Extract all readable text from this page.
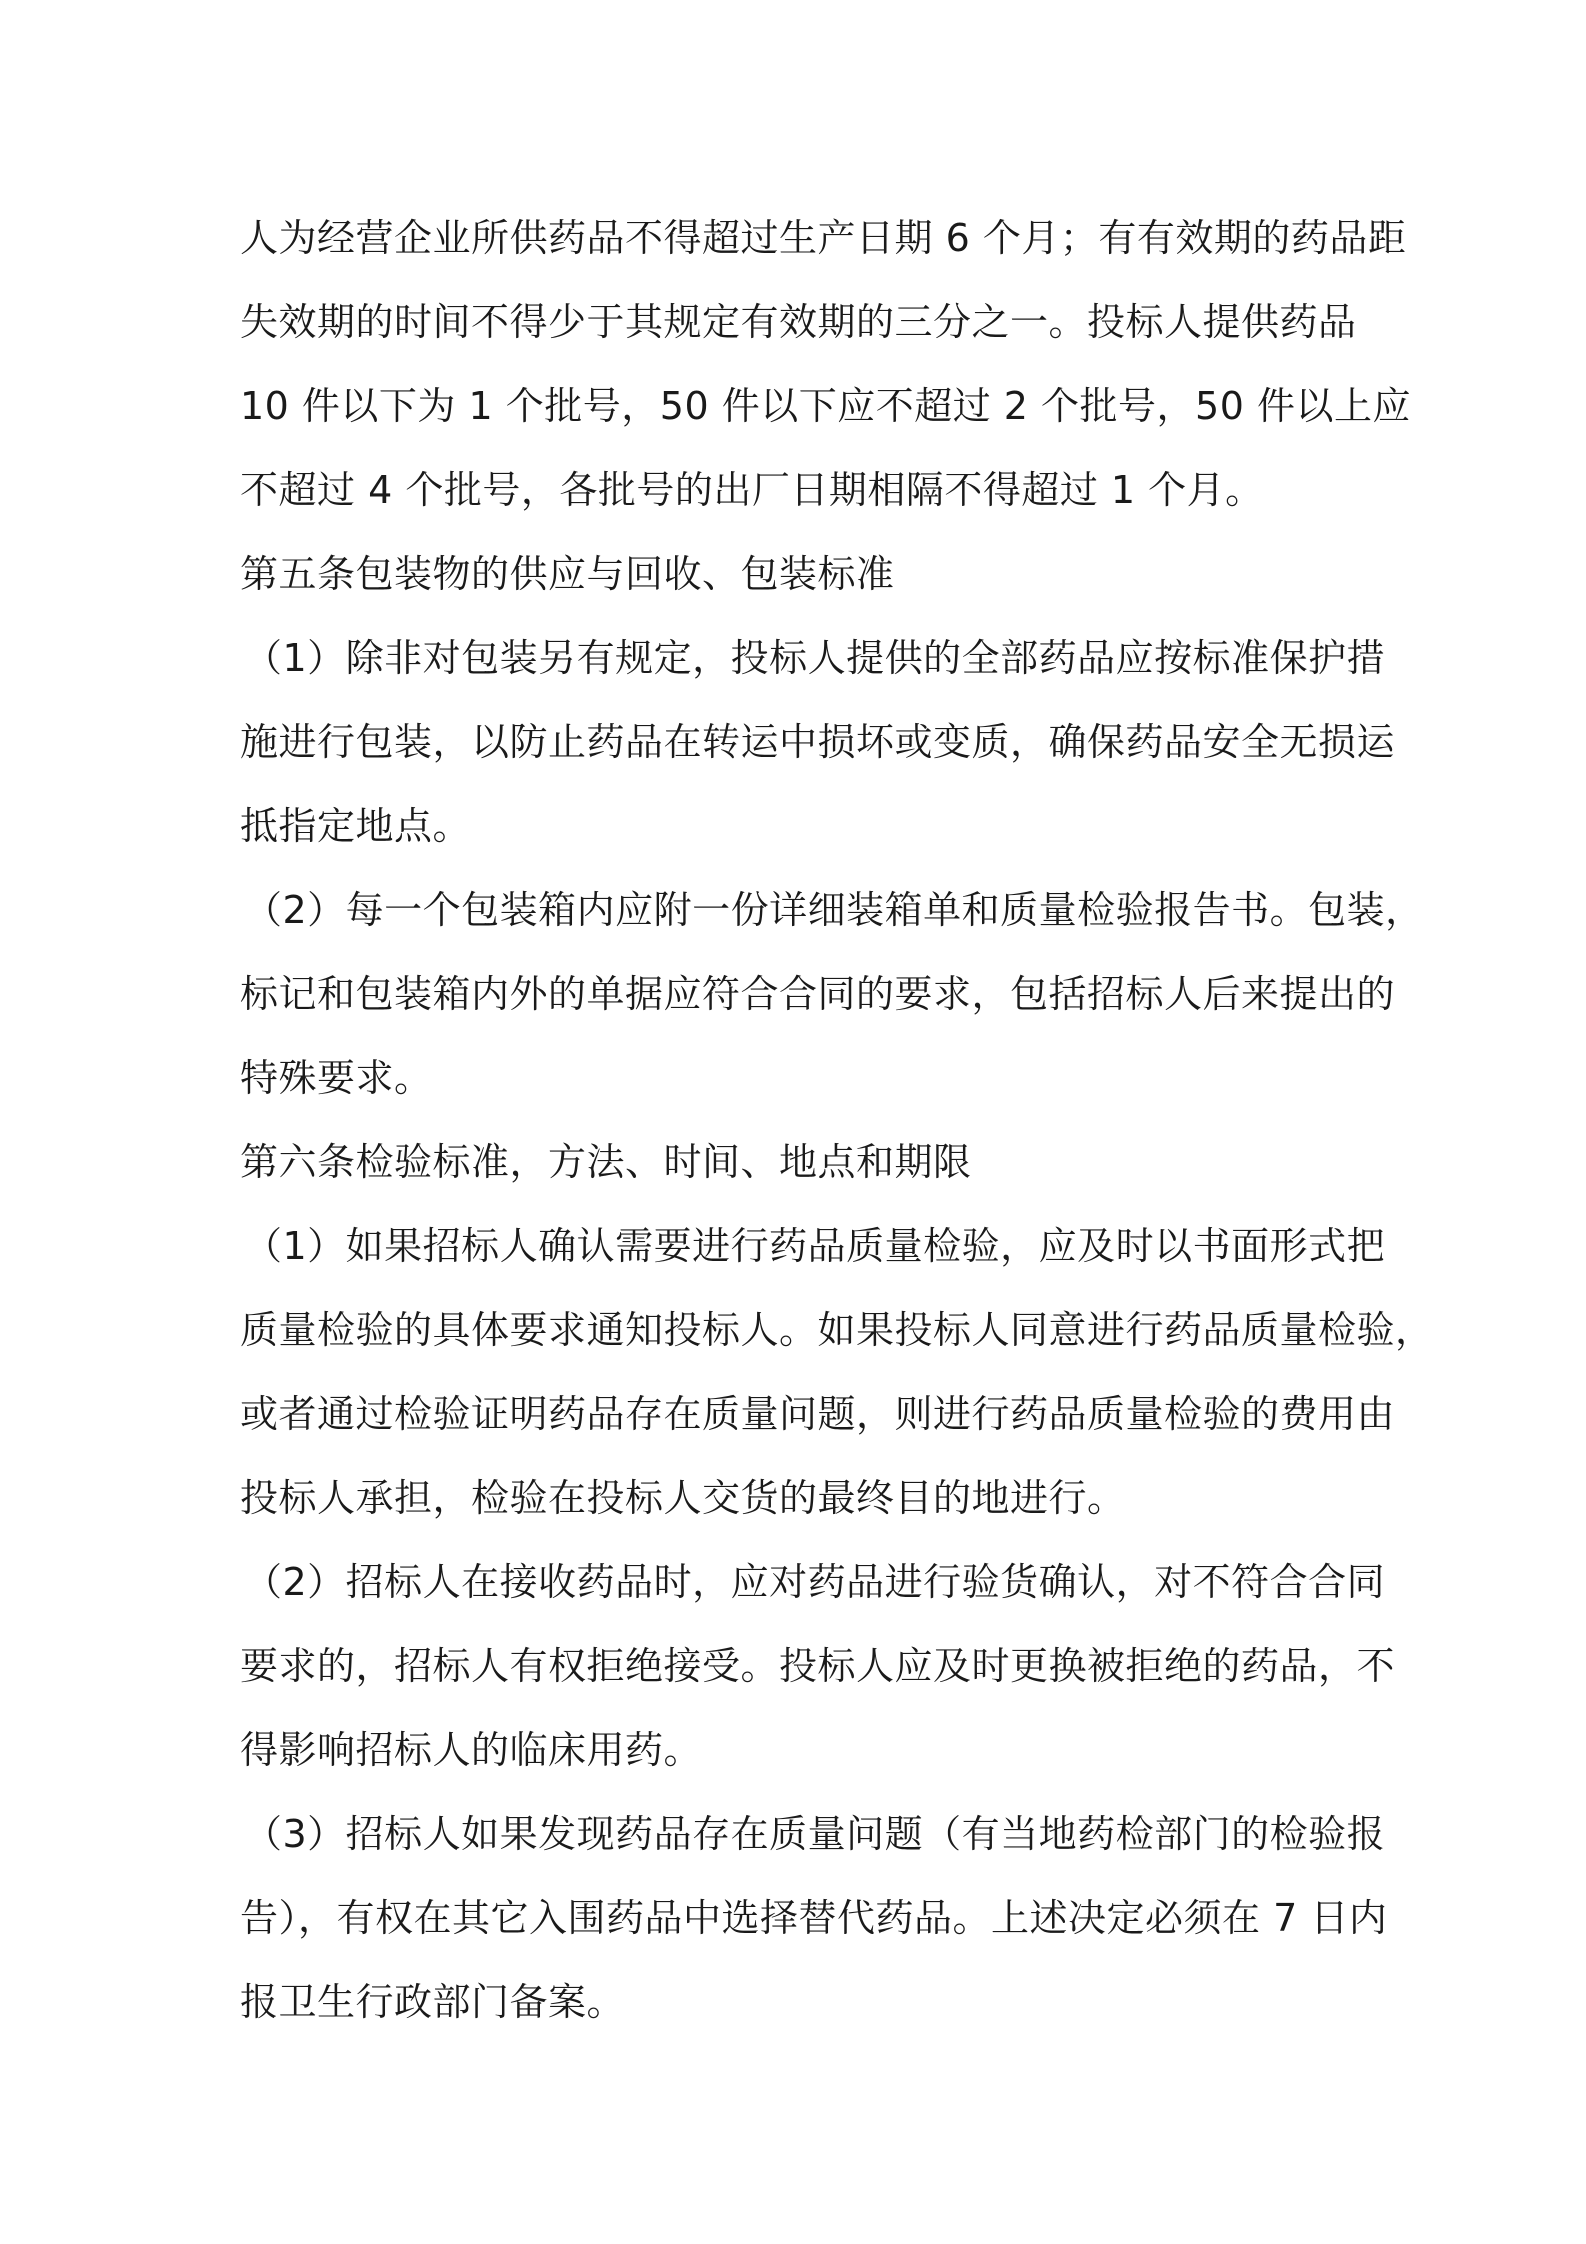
人为经营企业所供药品不得超过生产日期 6 个月；有有效期的药品距
失效期的时间不得少于其规定有效期的三分之一。投标人提供药品
10 件以下为 1 个批号，50 件以下应不超过 2 个批号，50 件以上应
不超过 4 个批号，各批号的出厂日期相隔不得超过 1 个月。
第五条包装物的供应与回收、包装标准
（1）除非对包装另有规定，投标人提供的全部药品应按标准保护措
施进行包装，以防止药品在转运中损坏或变质，确保药品安全无损运
抵指定地点。
（2）每一个包装箱内应附一份详细装箱单和质量检验报告书。包装，
标记和包装箱内外的单据应符合合同的要求，包括招标人后来提出的
特殊要求。
第六条检验标准，方法、时间、地点和期限
（1）如果招标人确认需要进行药品质量检验，应及时以书面形式把
质量检验的具体要求通知投标人。如果投标人同意进行药品质量检验，
或者通过检验证明药品存在质量问题，则进行药品质量检验的费用由
投标人承担，检验在投标人交货的最终目的地进行。
（2）招标人在接收药品时，应对药品进行验货确认，对不符合合同
要求的，招标人有权拒绝接受。投标人应及时更换被拒绝的药品，不
得影响招标人的临床用药。
（3）招标人如果发现药品存在质量问题（有当地药检部门的检验报
告），有权在其它入围药品中选择替代药品。上述决定必须在 7 日内
报卫生行政部门备案。
